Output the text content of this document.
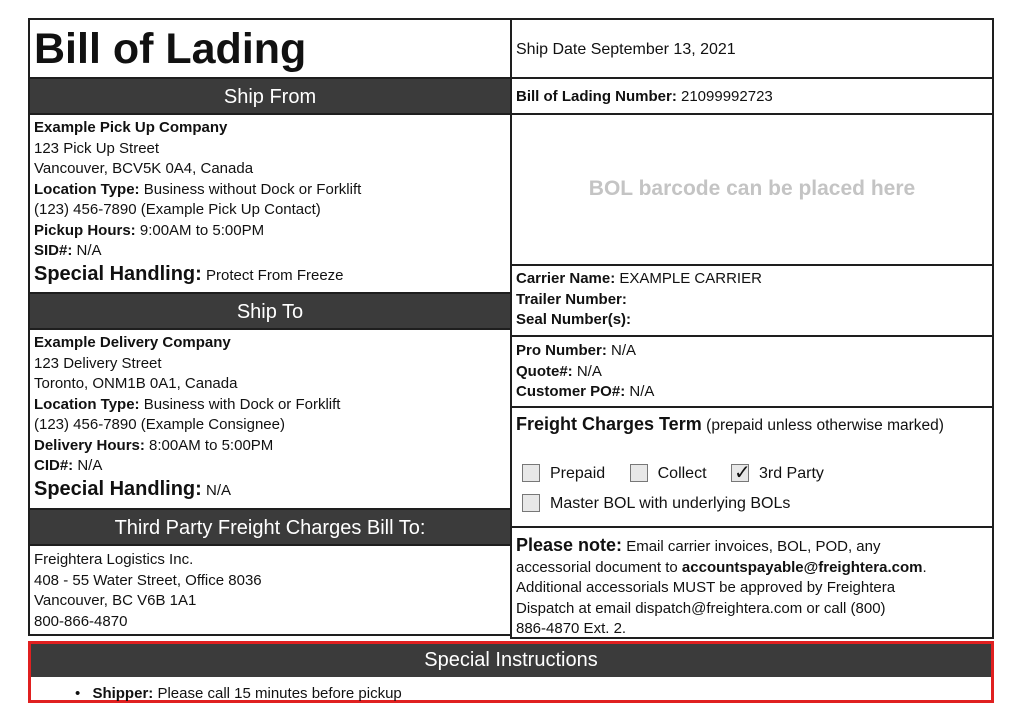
Bill of Lading	Ship Date September 13, 2021
Ship From	Bill of Lading Number: 21099992723
Example Pick Up Company
123 Pick Up Street
Vancouver, BCV5K 0A4, Canada
Location Type: Business without Dock or Forklift
(123) 456-7890 (Example Pick Up Contact)
Pickup Hours: 9:00AM to 5:00PM
SID#: N/A
Special Handling: Protect From Freeze
BOL barcode can be placed here
Carrier Name: EXAMPLE CARRIER
Trailer Number:
Seal Number(s):
Ship To
Example Delivery Company
123 Delivery Street
Toronto, ONM1B 0A1, Canada
Location Type: Business with Dock or Forklift
(123) 456-7890 (Example Consignee)
Delivery Hours: 8:00AM to 5:00PM
CID#: N/A
Special Handling: N/A
Pro Number: N/A
Quote#: N/A
Customer PO#: N/A
Freight Charges Term (prepaid unless otherwise marked)
Prepaid	Collect ✓ 3rd Party
Master BOL with underlying BOLs
Third Party Freight Charges Bill To:
Freightera Logistics Inc.
408 - 55 Water Street, Office 8036
Vancouver, BC V6B 1A1
800-866-4870
Please note: Email carrier invoices, BOL, POD, any
accessorial document to accountspayable@freightera.com.
Additional accessorials MUST be approved by Freightera
Dispatch at email dispatch@freightera.com or call (800)
886-4870 Ext. 2.
Special Instructions
• Shipper: Please call 15 minutes before pickup
